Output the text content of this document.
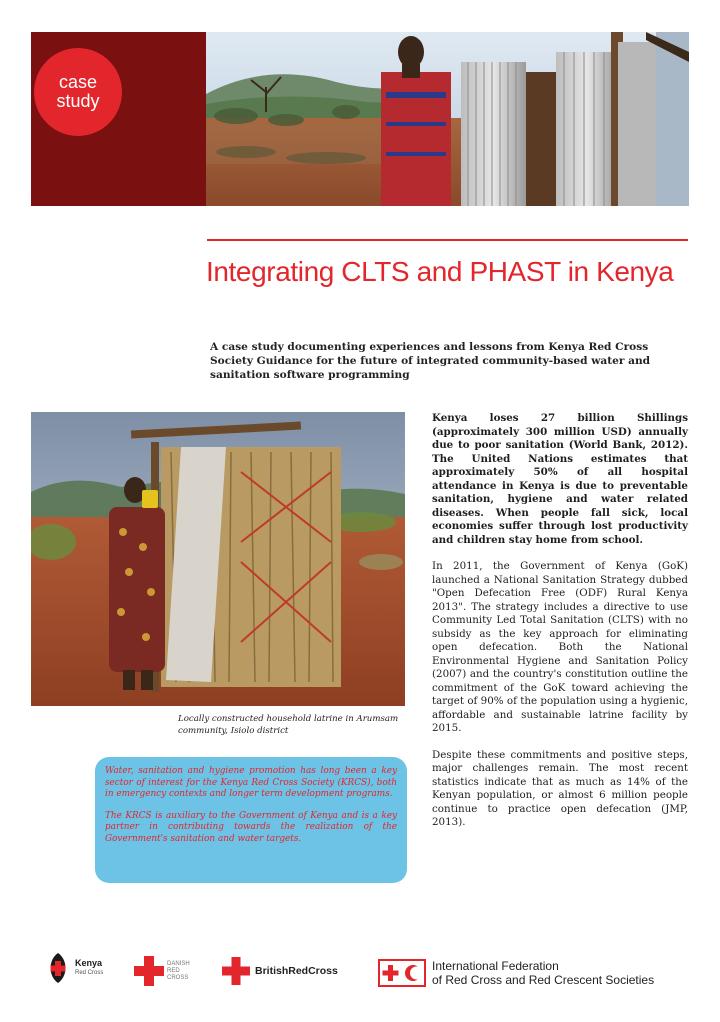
case
study
Integrating CLTS and PHAST in Kenya

A case study documenting experiences and lessons from Kenya Red Cross Society Guidance for the future of integrated community-based water and sanitation software programming

Locally constructed household latrine in Arumsam community, Isiolo district

Water, sanitation and hygiene promotion has long been a key sector of interest for the Kenya Red Cross Society (KRCS), both in emergency contexts and longer term development programs.

The KRCS is auxiliary to the Government of Kenya and is a key partner in contributing towards the realization of the Government's sanitation and water targets.

Kenya loses 27 billion Shillings (approximately 300 million USD) annually due to poor sanitation (World Bank, 2012). The United Nations estimates that approximately 50% of all hospital attendance in Kenya is due to preventable sanitation, hygiene and water related diseases. When people fall sick, local economies suffer through lost productivity and children stay home from school.

In 2011, the Government of Kenya (GoK) launched a National Sanitation Strategy dubbed "Open Defecation Free (ODF) Rural Kenya 2013". The strategy includes a directive to use Community Led Total Sanitation (CLTS) with no subsidy as the key approach for eliminating open defecation. Both the National Environmental Hygiene and Sanitation Policy (2007) and the country's constitution outline the commitment of the GoK toward achieving the target of 90% of the population using a hygienic, affordable and sustainable latrine facility by 2015.

Despite these commitments and positive steps, major challenges remain. The most recent statistics indicate that as much as 14% of the Kenyan population, or almost 6 million people continue to practice open defecation (JMP, 2013).

Kenya
Red Cross
DANISH
RED
CROSS
BritishRedCross	International Federation
of Red Cross and Red Crescent Societies
